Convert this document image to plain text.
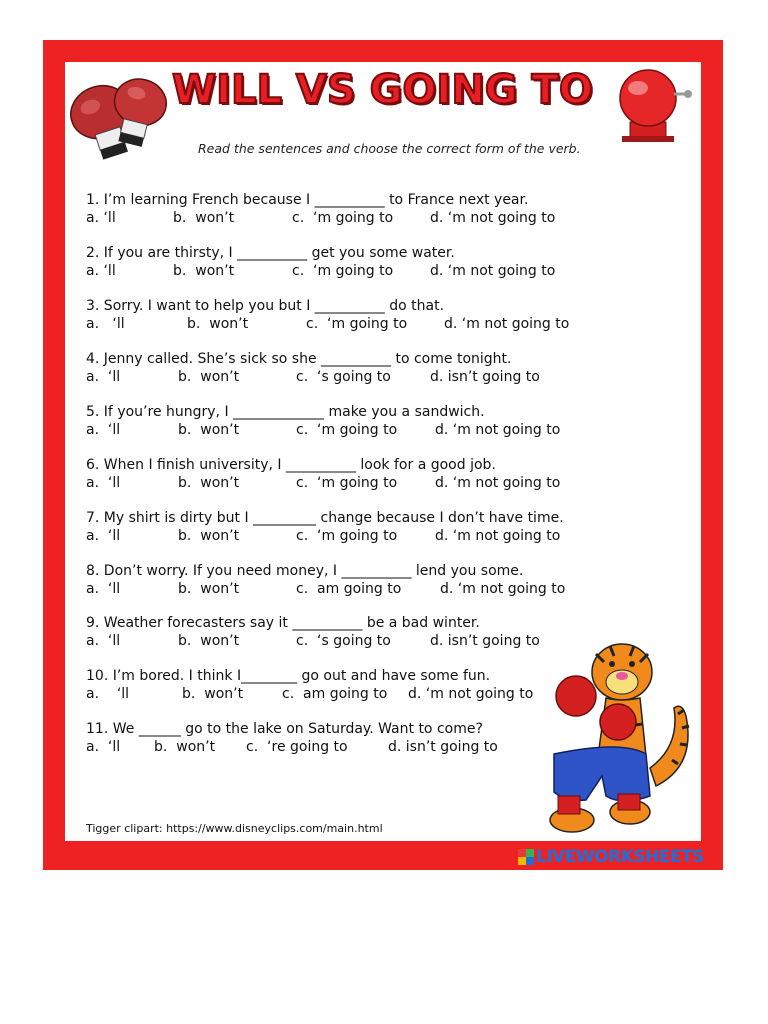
WILL VS GOING TO
Read the sentences and choose the correct form of the verb.
1. I’m learning French because I __________ to France next year.
a. ‘ll	b.  won’t	c.  ‘m going to	d. ‘m not going to
2. If you are thirsty, I __________ get you some water.
a. ‘ll	b.  won’t	c.  ‘m going to	d. ‘m not going to
3. Sorry. I want to help you but I __________ do that.
a.   ‘ll	b.  won’t	c.  ‘m going to	d. ‘m not going to
4. Jenny called. She’s sick so she __________ to come tonight.
a.  ‘ll	b.  won’t	c.  ‘s going to	d. isn’t going to
5. If you’re hungry, I _____________ make you a sandwich.
a.  ‘ll	b.  won’t	c.  ‘m going to	d. ‘m not going to
6. When I finish university, I __________ look for a good job.
a.  ‘ll	b.  won’t	c.  ‘m going to	d. ‘m not going to
7. My shirt is dirty but I _________ change because I don’t have time.
a.  ‘ll	b.  won’t	c.  ‘m going to	d. ‘m not going to
8. Don’t worry. If you need money, I __________ lend you some.
a.  ‘ll	b.  won’t	c.  am going to	d. ‘m not going to
9. Weather forecasters say it __________ be a bad winter.
a.  ‘ll	b.  won’t	c.  ‘s going to	d. isn’t going to
10. I’m bored. I think I________ go out and have some fun.
a.    ‘ll	b.  won’t	c.  am going to d. ‘m not going to
11. We ______ go to the lake on Saturday. Want to come?
a.  ‘ll b.  won’t c.  ‘re going to	d. isn’t going to
Tigger clipart: https://www.disneyclips.com/main.html
LIVEWORKSHEETS
